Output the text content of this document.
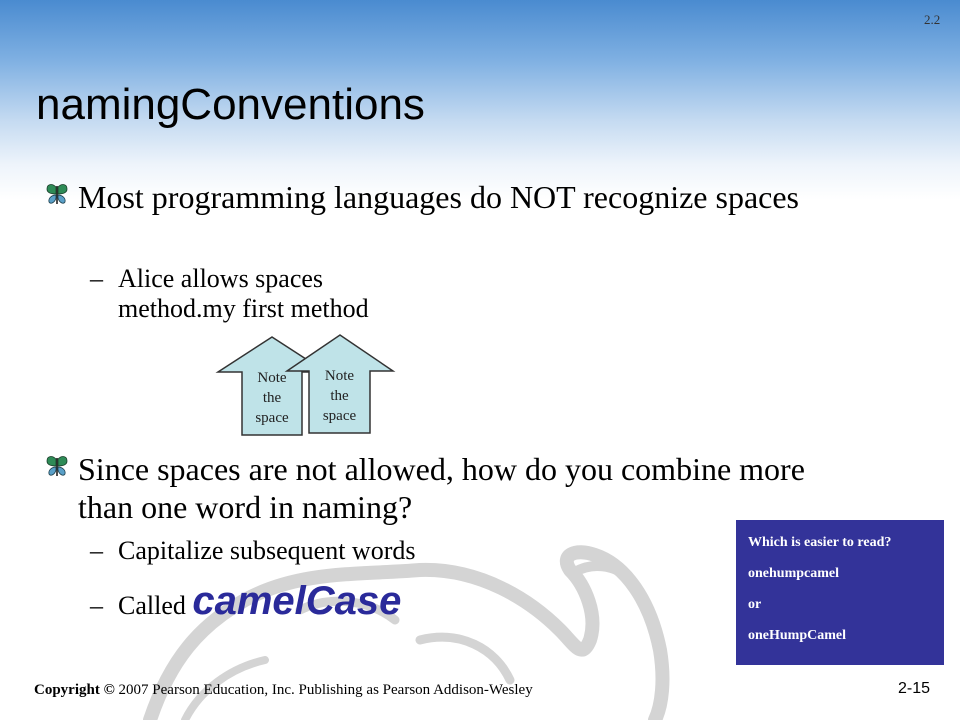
2.2
namingConventions
Most programming languages do NOT recognize spaces
– Alice allows spaces
method.my first method
Note
the
space
Note
the
space
Since spaces are not allowed, how do you combine more than one word in naming?
– Capitalize subsequent words
– Called camelCase
Which is easier to read?
onehumpcamel
or
oneHumpCamel
Copyright © 2007 Pearson Education, Inc. Publishing as Pearson Addison-Wesley	2-15
